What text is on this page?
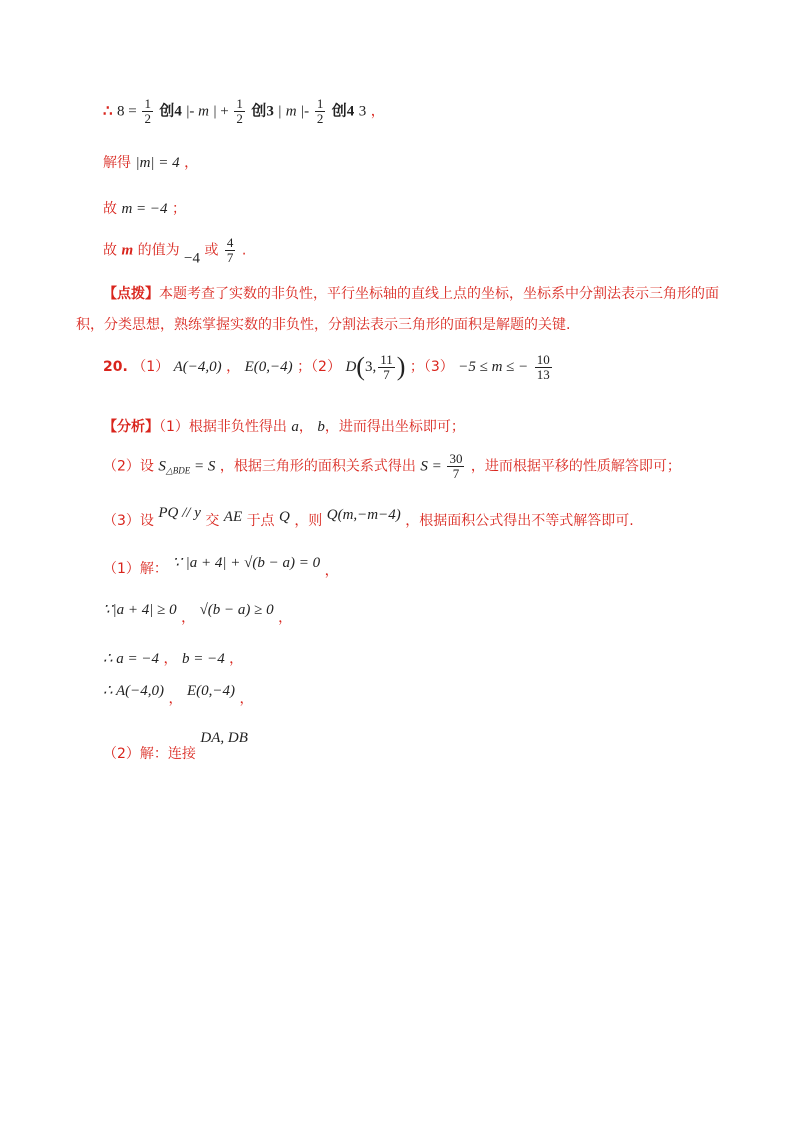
∴ $8 = \frac{1}{2}$ 创4 |- m | + $\frac{1}{2}$ 创3 | m |- $\frac{1}{2}$ 创4 3 ，
解得 |m| = 4 ，
故 m = −4 ；
故 m 的值为 −4 或 $\frac{4}{7}$ .
【点拨】本题考查了实数的非负性，平行坐标轴的直线上点的坐标，坐标系中分割法表示三角形的面
积，分类思想，熟练掌握实数的非负性，分割法表示三角形的面积是解题的关键.
20. （1） A(−4,0) ， E(0,−4) ；（2） D(3, $\frac{11}{7}$ ) ；（3） −5 ≤ m ≤ − $\frac{10}{13}$
【分析】（1）根据非负性得出 a， b，进而得出坐标即可；
（2）设 $S_{\triangle BDE} = S$ ，根据三角形的面积关系式得出 $S = \frac{30}{7}$ ，进而根据平移的性质解答即可；
（3）设 PQ // y 交 AE 于点 Q ，则 Q(m,−m−4) ，根据面积公式得出不等式解答即可.
（1）解： ∵ |a + 4| + √(b − a) = 0 ，
∵|a + 4| ≥ 0 ， √(b − a) ≥ 0 ，
∴ a = −4 ， b = −4 ，
∴ A(−4,0) ， E(0,−4) ，
（2）解：连接 DA, DB
